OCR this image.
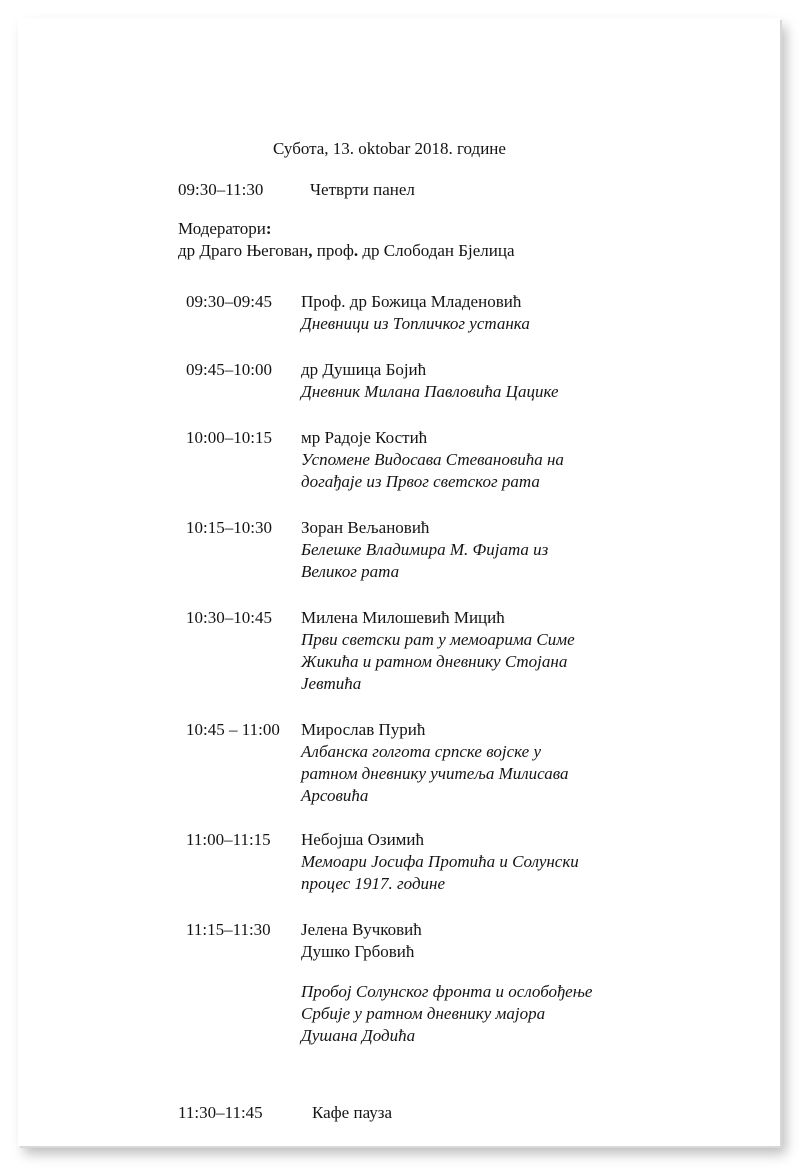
Субота, 13. oktobar 2018. године
09:30–11:30	Четврти панел
Модератори:
др Драго Његован, проф. др Слободан Бјелица
09:30–09:45 Проф. др Божица Младеновић
Дневници из Топличког устанка
09:45–10:00 др Душица Бојић
Дневник Милана Павловића Цацике
10:00–10:15 мр Радоје Костић
Успомене Видосава Стевановића на
догађаје из Првог светског рата
10:15–10:30 Зоран Вељановић
Белешке Владимира М. Фијата из
Великог рата
10:30–10:45 Милена Милошевић Мицић
Први светски рат у мемоарима Симе
Жикића и ратном дневнику Стојана
Јевтића
10:45 – 11:00 Мирослав Пурић
Албанска голгота српске војске у
ратном дневнику учитеља Милисава
Арсовића
11:00–11:15 Небојша Озимић
Мемоари Јосифа Протића и Солунски
процес 1917. године
11:15–11:30 Јелена Вучковић
Душко Грбовић
Пробој Солунског фронта и ослобођење
Србије у ратном дневнику мајора
Душана Додића
11:30–11:45	Кафе пауза
